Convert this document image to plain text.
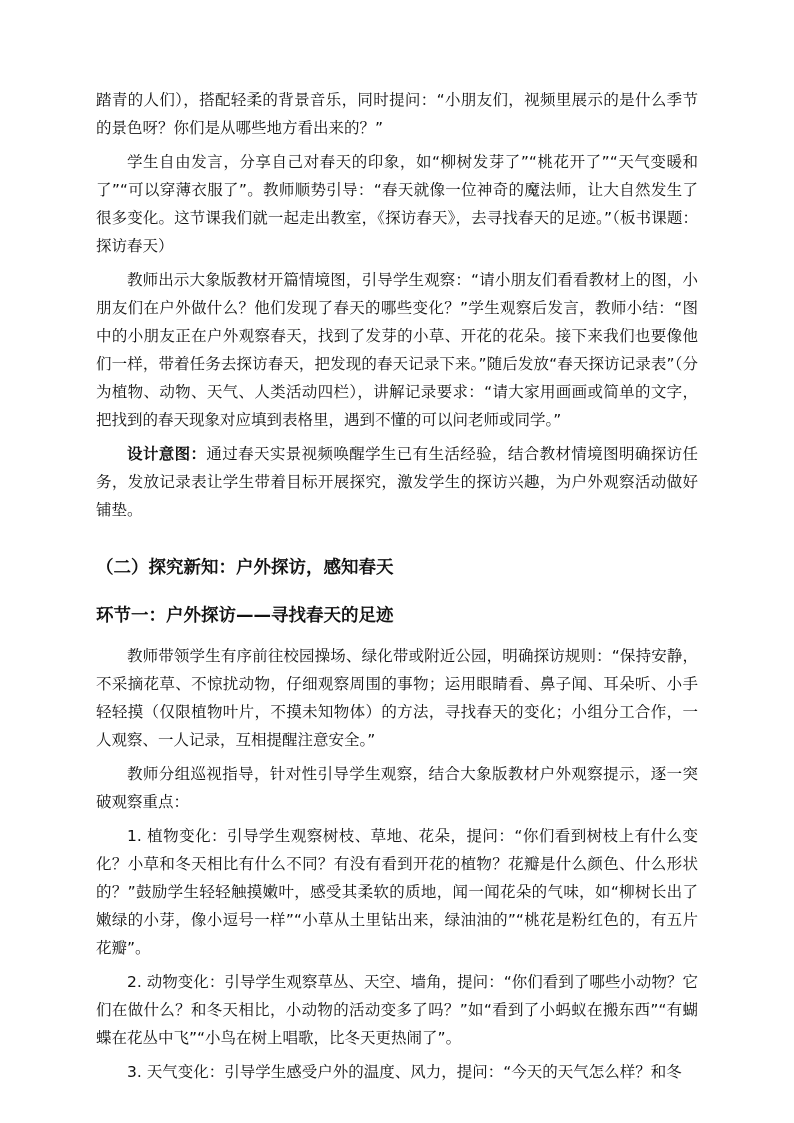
踏青的人们），搭配轻柔的背景音乐，同时提问：“小朋友们，视频里展示的是什么季节的景色呀？你们是从哪些地方看出来的？”

学生自由发言，分享自己对春天的印象，如“柳树发芽了”“桃花开了”“天气变暖和了”“可以穿薄衣服了”。教师顺势引导：“春天就像一位神奇的魔法师，让大自然发生了很多变化。这节课我们就一起走出教室，《探访春天》，去寻找春天的足迹。”（板书课题：探访春天）

教师出示大象版教材开篇情境图，引导学生观察：“请小朋友们看看教材上的图，小朋友们在户外做什么？他们发现了春天的哪些变化？”学生观察后发言，教师小结：“图中的小朋友正在户外观察春天，找到了发芽的小草、开花的花朵。接下来我们也要像他们一样，带着任务去探访春天，把发现的春天记录下来。”随后发放“春天探访记录表”（分为植物、动物、天气、人类活动四栏），讲解记录要求：“请大家用画画或简单的文字，把找到的春天现象对应填到表格里，遇到不懂的可以问老师或同学。”

设计意图：通过春天实景视频唤醒学生已有生活经验，结合教材情境图明确探访任务，发放记录表让学生带着目标开展探究，激发学生的探访兴趣，为户外观察活动做好铺垫。

（二）探究新知：户外探访，感知春天
环节一：户外探访——寻找春天的足迹

教师带领学生有序前往校园操场、绿化带或附近公园，明确探访规则：“保持安静，不采摘花草、不惊扰动物，仔细观察周围的事物；运用眼睛看、鼻子闻、耳朵听、小手轻轻摸（仅限植物叶片，不摸未知物体）的方法，寻找春天的变化；小组分工合作，一人观察、一人记录，互相提醒注意安全。”

教师分组巡视指导，针对性引导学生观察，结合大象版教材户外观察提示，逐一突破观察重点：

1. 植物变化：引导学生观察树枝、草地、花朵，提问：“你们看到树枝上有什么变化？小草和冬天相比有什么不同？有没有看到开花的植物？花瓣是什么颜色、什么形状的？”鼓励学生轻轻触摸嫩叶，感受其柔软的质地，闻一闻花朵的气味，如“柳树长出了嫩绿的小芽，像小逗号一样”“小草从土里钻出来，绿油油的”“桃花是粉红色的，有五片花瓣”。

2. 动物变化：引导学生观察草丛、天空、墙角，提问：“你们看到了哪些小动物？它们在做什么？和冬天相比，小动物的活动变多了吗？”如“看到了小蚂蚁在搬东西”“有蝴蝶在花丛中飞”“小鸟在树上唱歌，比冬天更热闹了”。

3. 天气变化：引导学生感受户外的温度、风力，提问：“今天的天气怎么样？和冬
